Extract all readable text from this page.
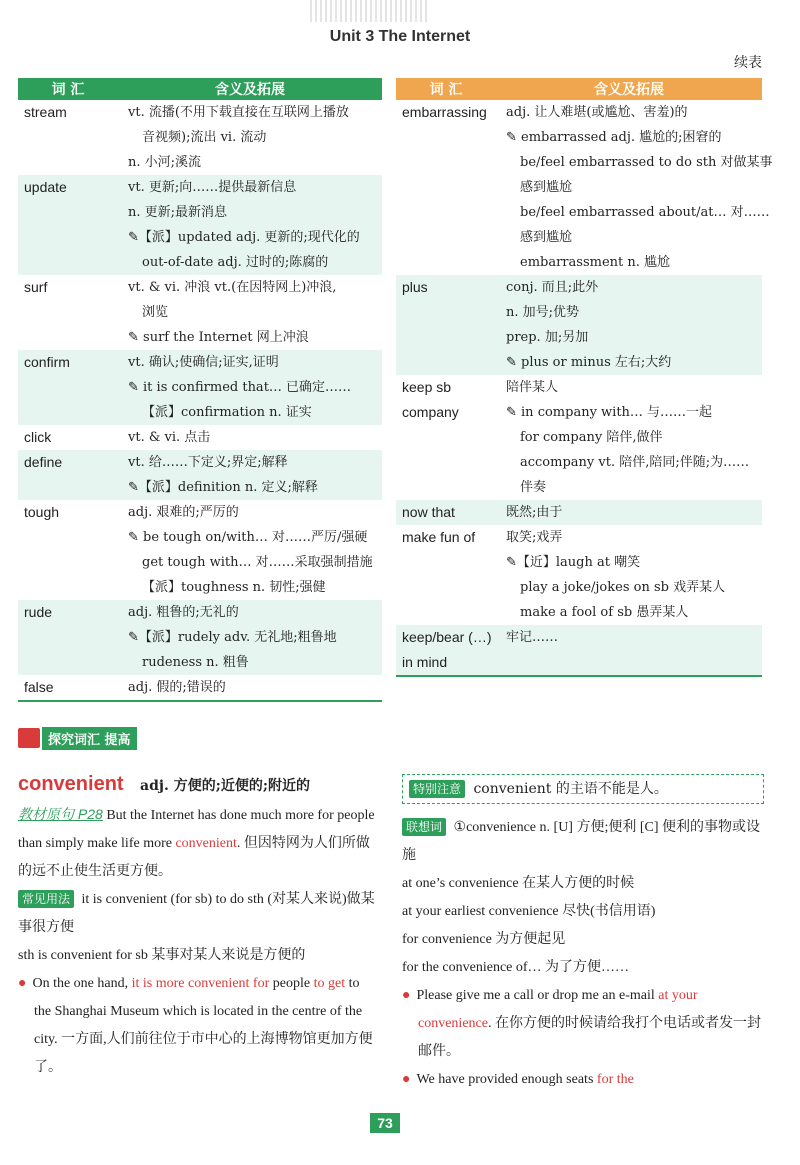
Unit 3 The Internet
续表
词 汇	含义及拓展
stream	vt. 流播(不用下载直接在互联网上播放
音视频);流出 vi. 流动
n. 小河;溪流
update	vt. 更新;向……提供最新信息
n. 更新;最新消息
✎【派】updated adj. 更新的;现代化的
out-of-date adj. 过时的;陈腐的
surf	vt. & vi. 冲浪 vt.(在因特网上)冲浪,
浏览
✎ surf the Internet 网上冲浪
confirm	vt. 确认;使确信;证实,证明
✎ it is confirmed that… 已确定……
【派】confirmation n. 证实
click	vt. & vi. 点击
define	vt. 给……下定义;界定;解释
✎【派】definition n. 定义;解释
tough	adj. 艰难的;严厉的
✎ be tough on/with… 对……严厉/强硬
get tough with… 对……采取强制措施
【派】toughness n. 韧性;强健
rude	adj. 粗鲁的;无礼的
✎【派】rudely adv. 无礼地;粗鲁地
rudeness n. 粗鲁
false	adj. 假的;错误的
词 汇	含义及拓展
embarrassing	adj. 让人难堪(或尴尬、害羞)的
✎ embarrassed adj. 尴尬的;困窘的
be/feel embarrassed to do sth 对做某事
感到尴尬
be/feel embarrassed about/at… 对……
感到尴尬
embarrassment n. 尴尬
plus	conj. 而且;此外
n. 加号;优势
prep. 加;另加
✎ plus or minus 左右;大约
keep sb	陪伴某人
company	✎ in company with… 与……一起
for company 陪伴,做伴
accompany vt. 陪伴,陪同;伴随;为……
伴奏
now that	既然;由于
make fun of	取笑;戏弄
✎【近】laugh at 嘲笑
play a joke/jokes on sb 戏弄某人
make a fool of sb 愚弄某人
keep/bear (…)	牢记……
in mind
探究词汇 提高
convenient adj. 方便的;近便的;附近的
教材原句 P28 But the Internet has done much more for people than simply make life more convenient. 但因特网为人们所做的远不止使生活更方便。
常见用法 it is convenient (for sb) to do sth (对某人来说)做某事很方便
sth is convenient for sb 某事对某人来说是方便的
● On the one hand, it is more convenient for people to get to the Shanghai Museum which is located in the centre of the city. 一方面,人们前往位于市中心的上海博物馆更加方便了。
特别注意 convenient 的主语不能是人。
联想词 ①convenience n. [U] 方便;便利 [C] 便利的事物或设施
at one’s convenience 在某人方便的时候
at your earliest convenience 尽快(书信用语)
for convenience 为方便起见
for the convenience of… 为了方便……
● Please give me a call or drop me an e-mail at your convenience. 在你方便的时候请给我打个电话或者发一封邮件。
● We have provided enough seats for the
73
